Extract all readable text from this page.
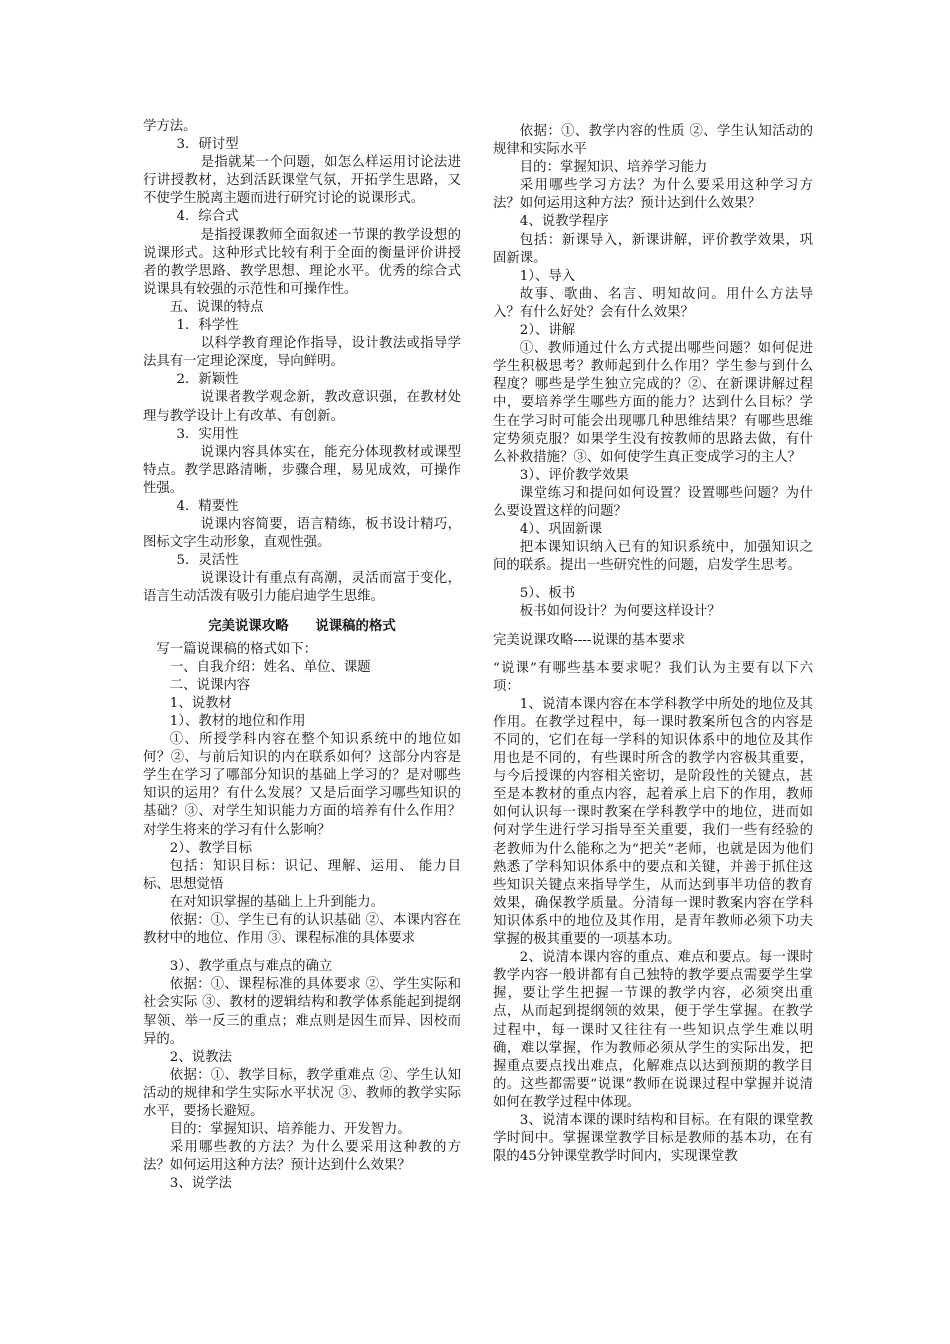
学方法。

3．研讨型

是指就某一个问题，如怎么样运用讨论法进行讲授教材，达到活跃课堂气氛，开拓学生思路，又不使学生脱离主题而进行研究讨论的说课形式。

4．综合式

是指授课教师全面叙述一节课的教学设想的说课形式。这种形式比较有利于全面的衡量评价讲授者的教学思路、教学思想、理论水平。优秀的综合式说课具有较强的示范性和可操作性。

五、说课的特点

1．科学性

以科学教育理论作指导，设计教法或指导学法具有一定理论深度，导向鲜明。

2．新颖性

说课者教学观念新，教改意识强，在教材处理与教学设计上有改革、有创新。

3．实用性

说课内容具体实在，能充分体现教材或课型特点。教学思路清晰，步骤合理，易见成效，可操作性强。

4．精要性

说课内容简要，语言精练，板书设计精巧，图标文字生动形象，直观性强。

5．灵活性

说课设计有重点有高潮，灵活而富于变化，语言生动活泼有吸引力能启迪学生思维。

完美说课攻略　　说课稿的格式

写一篇说课稿的格式如下：

一、自我介绍：姓名、单位、课题

二、说课内容

1、说教材

1）、教材的地位和作用

①、所授学科内容在整个知识系统中的地位如何？②、与前后知识的内在联系如何？这部分内容是学生在学习了哪部分知识的基础上学习的？是对哪些知识的运用？有什么发展？又是后面学习哪些知识的基础？③、对学生知识能力方面的培养有什么作用？对学生将来的学习有什么影响？

2）、教学目标

包括：知识目标：识记、理解、运用、 能力目标、思想觉悟

在对知识掌握的基础上上升到能力。

依据：①、学生已有的认识基础 ②、本课内容在教材中的地位、作用 ③、课程标准的具体要求

3）、教学重点与难点的确立

依据：①、课程标准的具体要求 ②、学生实际和社会实际 ③、教材的逻辑结构和教学体系能起到提纲挈领、举一反三的重点；难点则是因生而异、因校而异的。

2、说教法

依据：①、教学目标，教学重难点 ②、学生认知活动的规律和学生实际水平状况 ③、教师的教学实际水平，要扬长避短。

目的：掌握知识、培养能力、开发智力。

采用哪些教的方法？为什么要采用这种教的方法？如何运用这种方法？预计达到什么效果？

3、说学法

依据：①、教学内容的性质 ②、学生认知活动的规律和实际水平

目的：掌握知识、培养学习能力

采用哪些学习方法？为什么要采用这种学习方法？如何运用这种方法？预计达到什么效果？

4、说教学程序

包括：新课导入，新课讲解，评价教学效果，巩固新课。

1）、导入

故事、歌曲、名言、明知故问。用什么方法导入？有什么好处？会有什么效果？

2）、讲解

①、教师通过什么方式提出哪些问题？如何促进学生积极思考？教师起到什么作用？学生参与到什么程度？哪些是学生独立完成的？②、在新课讲解过程中，要培养学生哪些方面的能力？达到什么目标？学生在学习时可能会出现哪几种思维结果？有哪些思维定势须克服？如果学生没有按教师的思路去做，有什么补救措施？③、如何使学生真正变成学习的主人？

3）、评价教学效果

课堂练习和提问如何设置？设置哪些问题？为什么要设置这样的问题？

4）、巩固新课

把本课知识纳入已有的知识系统中，加强知识之间的联系。提出一些研究性的问题，启发学生思考。

5）、板书

板书如何设计？为何要这样设计？

完美说课攻略----说课的基本要求

“说课”有哪些基本要求呢？我们认为主要有以下六项：

1、说清本课内容在本学科教学中所处的地位及其作用。在教学过程中，每一课时教案所包含的内容是不同的，它们在每一学科的知识体系中的地位及其作用也是不同的，有些课时所含的教学内容极其重要，与今后授课的内容相关密切，是阶段性的关键点，甚至是本教材的重点内容，起着承上启下的作用，教师如何认识每一课时教案在学科教学中的地位，进而如何对学生进行学习指导至关重要，我们一些有经验的老教师为什么能称之为“把关”老师，也就是因为他们熟悉了学科知识体系中的要点和关键，并善于抓住这些知识关键点来指导学生，从而达到事半功倍的教育效果，确保教学质量。分清每一课时教案内容在学科知识体系中的地位及其作用，是青年教师必须下功夫掌握的极其重要的一项基本功。

2、说清本课内容的重点、难点和要点。每一课时教学内容一般讲都有自己独特的教学要点需要学生掌握，要让学生把握一节课的教学内容，必须突出重点，从而起到提纲领的效果，便于学生掌握。在教学过程中，每一课时又往往有一些知识点学生难以明确，难以掌握，作为教师必须从学生的实际出发，把握重点要点找出难点，化解难点以达到预期的教学目的。这些都需要“说课”教师在说课过程中掌握并说清如何在教学过程中体现。

3、说清本课的课时结构和目标。在有限的课堂教学时间中。掌握课堂教学目标是教师的基本功，在有限的45分钟课堂教学时间内，实现课堂教
